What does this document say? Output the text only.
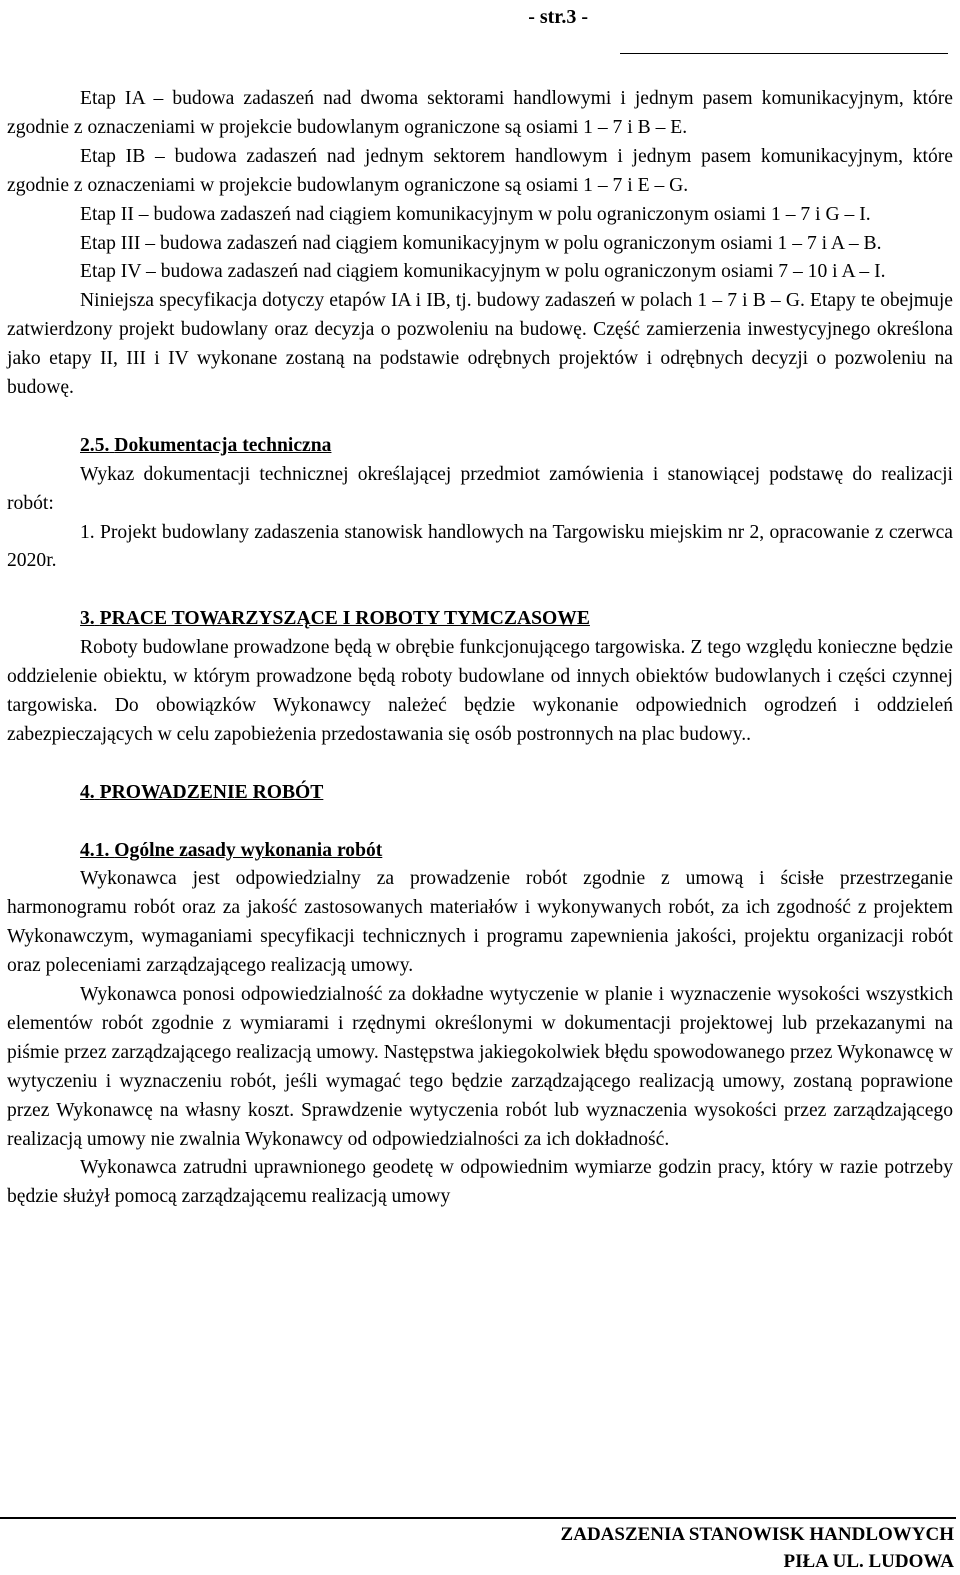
- str.3 -

Etap IA – budowa zadaszeń nad dwoma sektorami handlowymi i jednym pasem komunikacyjnym, które zgodnie z oznaczeniami w projekcie budowlanym ograniczone są osiami 1 – 7 i B – E.

Etap IB – budowa zadaszeń nad jednym sektorem handlowym i jednym pasem komunikacyjnym, które zgodnie z oznaczeniami w projekcie budowlanym ograniczone są osiami 1 – 7 i E – G.

Etap II – budowa zadaszeń nad ciągiem komunikacyjnym w polu ograniczonym osiami 1 – 7 i G – I.

Etap III – budowa zadaszeń nad ciągiem komunikacyjnym w polu ograniczonym osiami 1 – 7 i A – B.

Etap IV – budowa zadaszeń nad ciągiem komunikacyjnym w polu ograniczonym osiami 7 – 10 i A – I.

Niniejsza specyfikacja dotyczy etapów IA i IB, tj. budowy zadaszeń w polach 1 – 7 i B – G. Etapy te obejmuje zatwierdzony projekt budowlany oraz decyzja o pozwoleniu na budowę. Część zamierzenia inwestycyjnego określona jako etapy II, III i IV wykonane zostaną na podstawie odrębnych projektów i odrębnych decyzji o pozwoleniu na budowę.

2.5. Dokumentacja techniczna

Wykaz dokumentacji technicznej określającej przedmiot zamówienia i stanowiącej podstawę do realizacji robót:

1. Projekt budowlany zadaszenia stanowisk handlowych na Targowisku miejskim nr 2, opracowanie z czerwca 2020r.

3. PRACE TOWARZYSZĄCE I ROBOTY TYMCZASOWE

Roboty budowlane prowadzone będą w obrębie funkcjonującego targowiska. Z tego względu konieczne będzie oddzielenie obiektu, w którym prowadzone będą roboty budowlane od innych obiektów budowlanych i części czynnej targowiska. Do obowiązków Wykonawcy należeć będzie wykonanie odpowiednich ogrodzeń i oddzieleń zabezpieczających w celu zapobieżenia przedostawania się osób postronnych na plac budowy..

4. PROWADZENIE ROBÓT
4.1. Ogólne zasady wykonania robót

Wykonawca jest odpowiedzialny za prowadzenie robót zgodnie z umową i ścisłe przestrzeganie harmonogramu robót oraz za jakość zastosowanych materiałów i wykonywanych robót, za ich zgodność z projektem Wykonawczym, wymaganiami specyfikacji technicznych i programu zapewnienia jakości, projektu organizacji robót oraz poleceniami zarządzającego realizacją umowy.

Wykonawca ponosi odpowiedzialność za dokładne wytyczenie w planie i wyznaczenie wysokości wszystkich elementów robót zgodnie z wymiarami i rzędnymi określonymi w dokumentacji projektowej lub przekazanymi na piśmie przez zarządzającego realizacją umowy. Następstwa jakiegokolwiek błędu spowodowanego przez Wykonawcę w wytyczeniu i wyznaczeniu robót, jeśli wymagać tego będzie zarządzającego realizacją umowy, zostaną poprawione przez Wykonawcę na własny koszt. Sprawdzenie wytyczenia robót lub wyznaczenia wysokości przez zarządzającego realizacją umowy nie zwalnia Wykonawcy od odpowiedzialności za ich dokładność.

Wykonawca zatrudni uprawnionego geodetę w odpowiednim wymiarze godzin pracy, który w razie potrzeby będzie służył pomocą zarządzającemu realizacją umowy

ZADASZENIA STANOWISK HANDLOWYCH
PIŁA UL. LUDOWA
